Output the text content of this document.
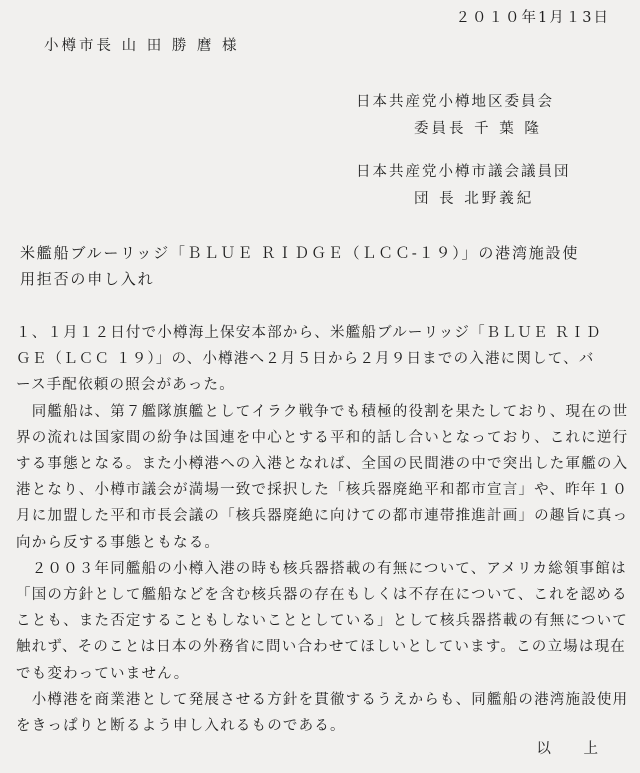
２０１０年1月１3日
小樽市長 山 田 勝 麿 様
日本共産党小樽地区委員会
委員長 千 葉 隆
日本共産党小樽市議会議員団
団 長 北野義紀
米艦船ブルーリッジ「ＢＬＵＥ ＲＩＤＧＥ（ＬＣＣ-１９）」の港湾施設使
用拒否の申し入れ

１、１月１２日付で小樽海上保安本部から、米艦船ブルーリッジ「ＢＬＵＥ ＲＩＤ
ＧＥ（ＬＣＣ １９）」の、小樽港へ２月５日から２月９日までの入港に関して、バ
ース手配依頼の照会があった。

　同艦船は、第７艦隊旗艦としてイラク戦争でも積極的役割を果たしており、現在の世
界の流れは国家間の紛争は国連を中心とする平和的話し合いとなっており、これに逆行
する事態となる。また小樽港への入港となれば、全国の民間港の中で突出した軍艦の入
港となり、小樽市議会が満場一致で採択した「核兵器廃絶平和都市宣言」や、昨年１０
月に加盟した平和市長会議の「核兵器廃絶に向けての都市連帯推進計画」の趣旨に真っ
向から反する事態ともなる。

　２００３年同艦船の小樽入港の時も核兵器搭載の有無について、アメリカ総領事館は
「国の方針として艦船などを含む核兵器の存在もしくは不存在について、これを認める
ことも、また否定することもしないこととしている」として核兵器搭載の有無について
触れず、そのことは日本の外務省に問い合わせてほしいとしています。この立場は現在
でも変わっていません。

　小樽港を商業港として発展させる方針を貫徹するうえからも、同艦船の港湾施設使用
をきっぱりと断るよう申し入れるものである。

以 上
